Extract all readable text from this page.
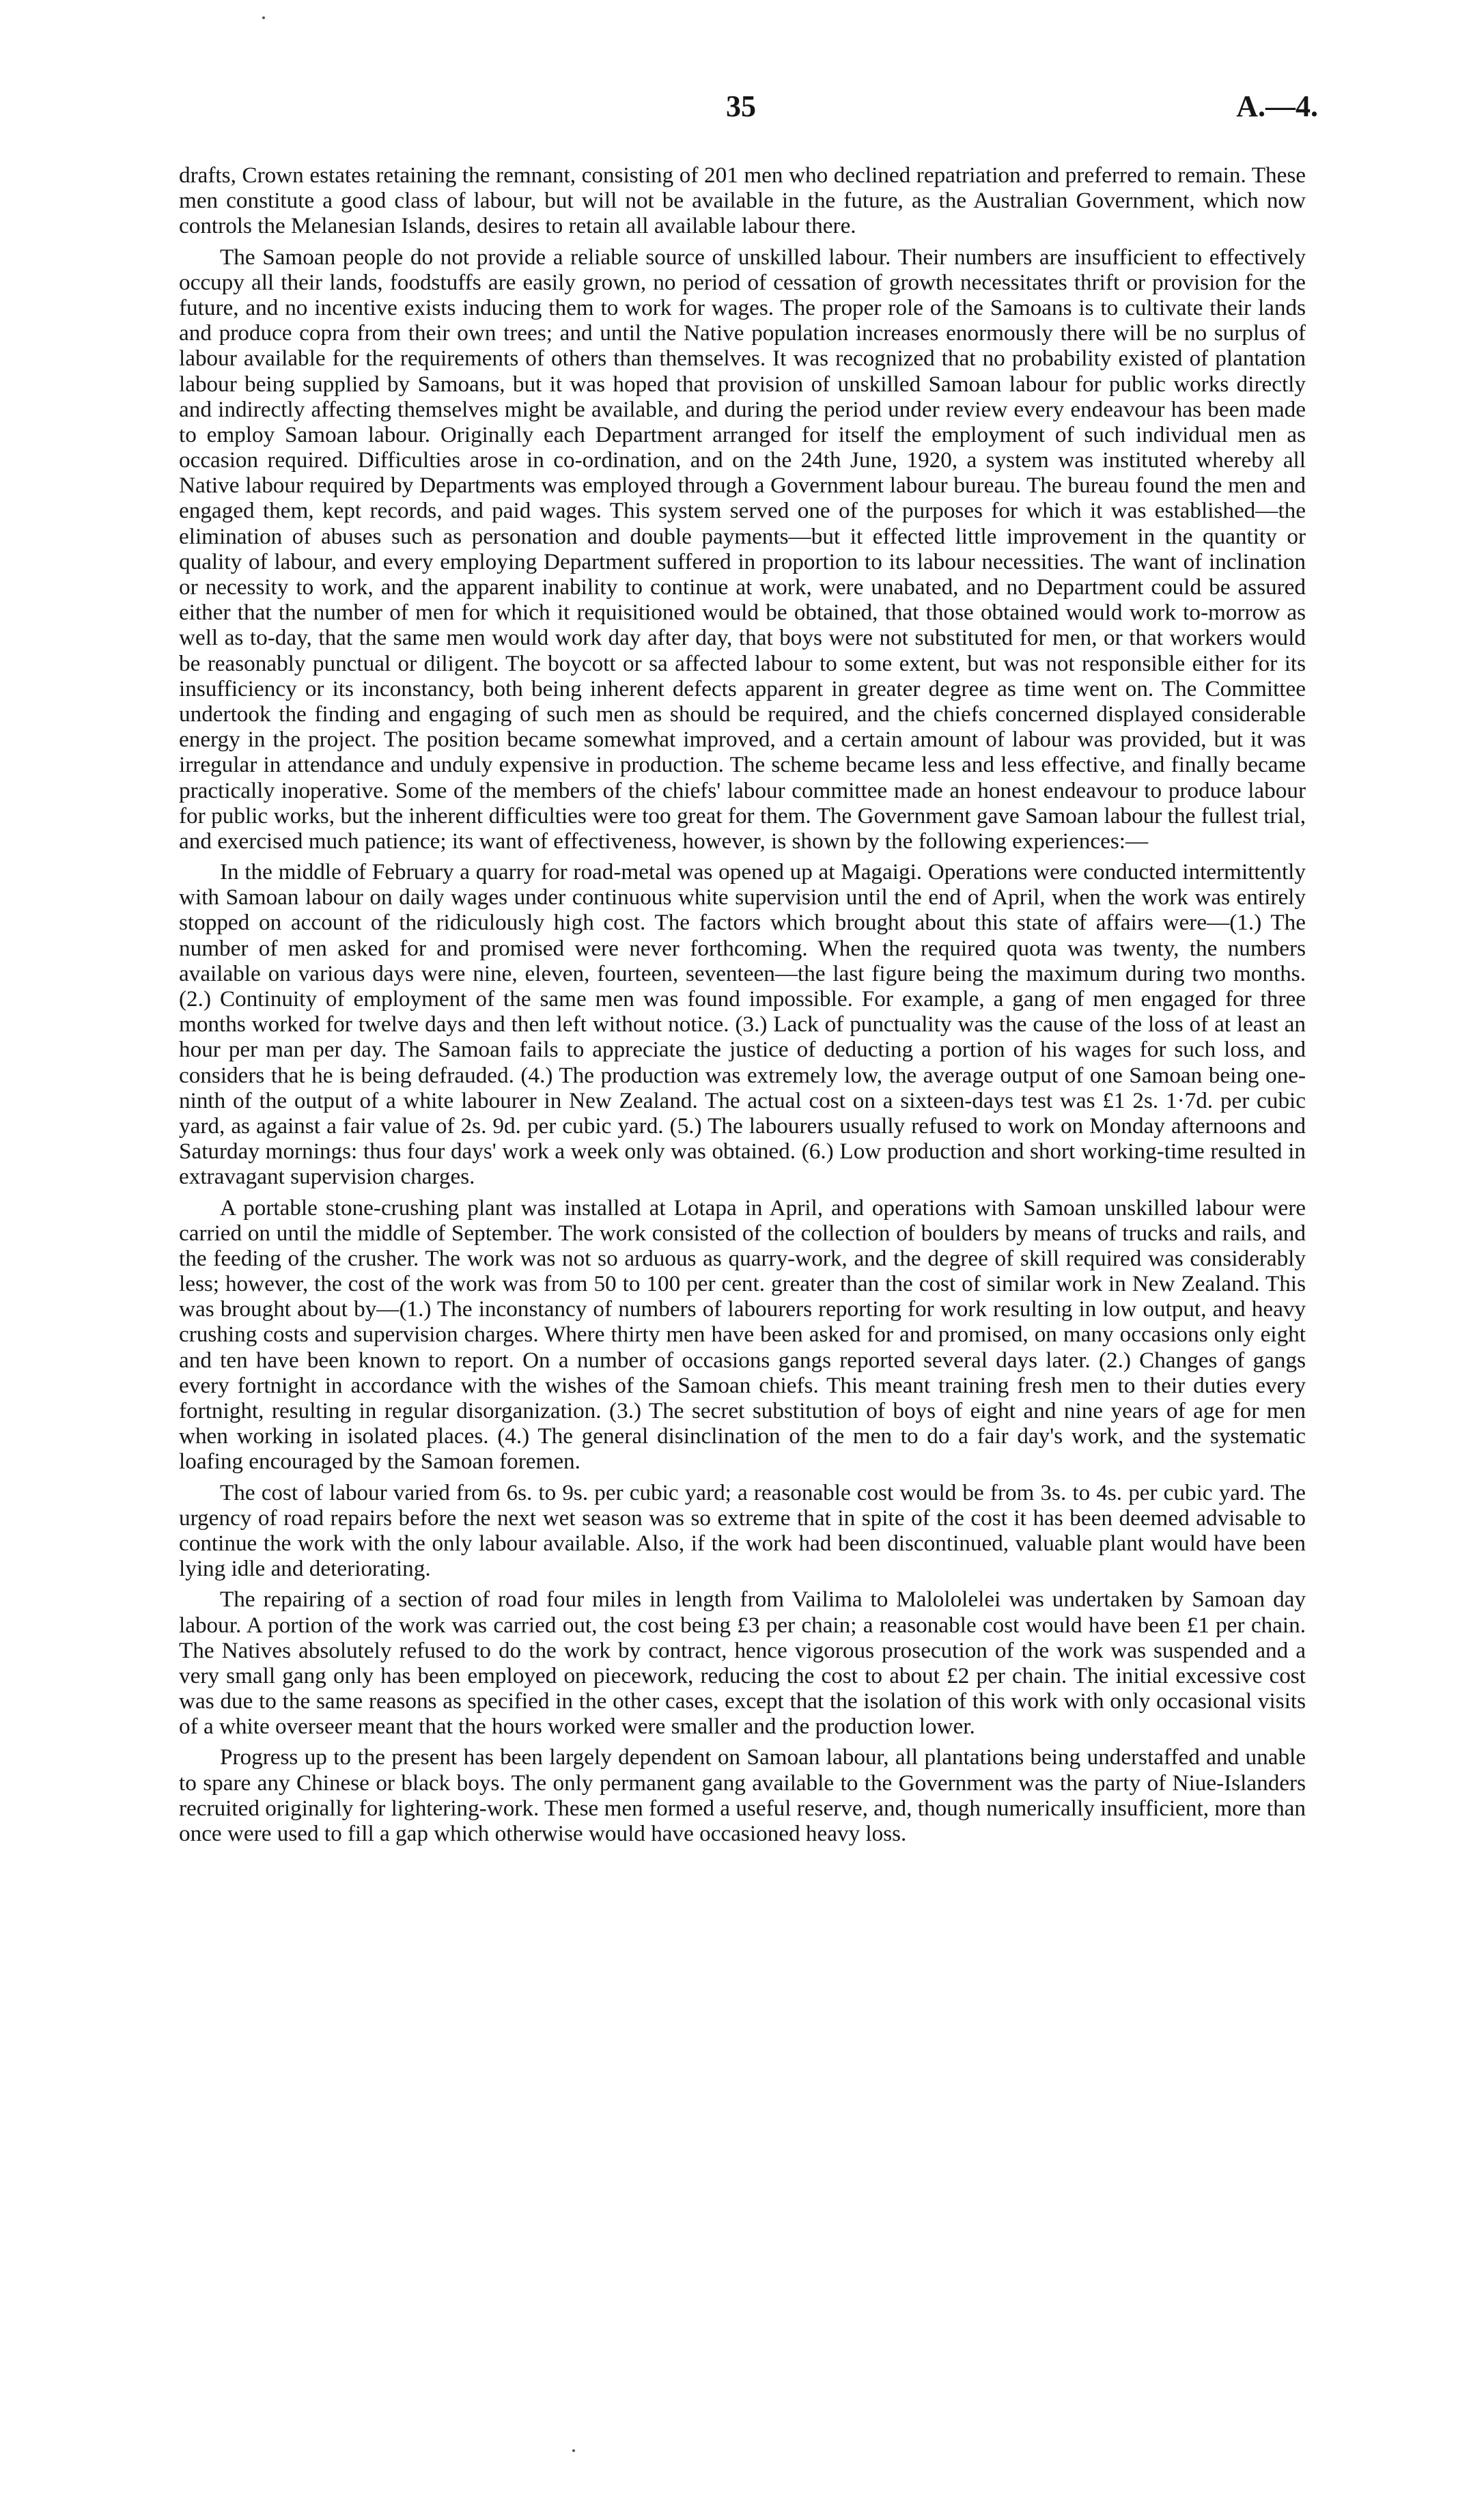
35	A.—4.

drafts, Crown estates retaining the remnant, consisting of 201 men who declined repatriation and preferred to remain. These men constitute a good class of labour, but will not be available in the future, as the Australian Government, which now controls the Melanesian Islands, desires to retain all available labour there.

The Samoan people do not provide a reliable source of unskilled labour. Their numbers are insufficient to effectively occupy all their lands, foodstuffs are easily grown, no period of cessation of growth necessitates thrift or provision for the future, and no incentive exists inducing them to work for wages. The proper role of the Samoans is to cultivate their lands and produce copra from their own trees; and until the Native population increases enormously there will be no surplus of labour available for the requirements of others than themselves. It was recognized that no probability existed of plantation labour being supplied by Samoans, but it was hoped that provision of unskilled Samoan labour for public works directly and indirectly affecting themselves might be available, and during the period under review every endeavour has been made to employ Samoan labour. Originally each Department arranged for itself the employment of such individual men as occasion required. Difficulties arose in co-ordination, and on the 24th June, 1920, a system was instituted whereby all Native labour required by Departments was employed through a Government labour bureau. The bureau found the men and engaged them, kept records, and paid wages. This system served one of the purposes for which it was established—the elimination of abuses such as personation and double payments—but it effected little improvement in the quantity or quality of labour, and every employing Department suffered in proportion to its labour necessities. The want of inclination or necessity to work, and the apparent inability to continue at work, were unabated, and no Department could be assured either that the number of men for which it requisitioned would be obtained, that those obtained would work to-morrow as well as to-day, that the same men would work day after day, that boys were not substituted for men, or that workers would be reasonably punctual or diligent. The boycott or sa affected labour to some extent, but was not responsible either for its insufficiency or its inconstancy, both being inherent defects apparent in greater degree as time went on. The Committee undertook the finding and engaging of such men as should be required, and the chiefs concerned displayed considerable energy in the project. The position became somewhat improved, and a certain amount of labour was provided, but it was irregular in attendance and unduly expensive in production. The scheme became less and less effective, and finally became practically inoperative. Some of the members of the chiefs' labour committee made an honest endeavour to produce labour for public works, but the inherent difficulties were too great for them. The Government gave Samoan labour the fullest trial, and exercised much patience; its want of effectiveness, however, is shown by the following experiences:—

In the middle of February a quarry for road-metal was opened up at Magaigi. Operations were conducted intermittently with Samoan labour on daily wages under continuous white supervision until the end of April, when the work was entirely stopped on account of the ridiculously high cost. The factors which brought about this state of affairs were—(1.) The number of men asked for and promised were never forthcoming. When the required quota was twenty, the numbers available on various days were nine, eleven, fourteen, seventeen—the last figure being the maximum during two months. (2.) Continuity of employment of the same men was found impossible. For example, a gang of men engaged for three months worked for twelve days and then left without notice. (3.) Lack of punctuality was the cause of the loss of at least an hour per man per day. The Samoan fails to appreciate the justice of deducting a portion of his wages for such loss, and considers that he is being defrauded. (4.) The production was extremely low, the average output of one Samoan being one-ninth of the output of a white labourer in New Zealand. The actual cost on a sixteen-days test was £1 2s. 1·7d. per cubic yard, as against a fair value of 2s. 9d. per cubic yard. (5.) The labourers usually refused to work on Monday afternoons and Saturday mornings: thus four days' work a week only was obtained. (6.) Low production and short working-time resulted in extravagant supervision charges.

A portable stone-crushing plant was installed at Lotapa in April, and operations with Samoan unskilled labour were carried on until the middle of September. The work consisted of the collection of boulders by means of trucks and rails, and the feeding of the crusher. The work was not so arduous as quarry-work, and the degree of skill required was considerably less; however, the cost of the work was from 50 to 100 per cent. greater than the cost of similar work in New Zealand. This was brought about by—(1.) The inconstancy of numbers of labourers reporting for work resulting in low output, and heavy crushing costs and supervision charges. Where thirty men have been asked for and promised, on many occasions only eight and ten have been known to report. On a number of occasions gangs reported several days later. (2.) Changes of gangs every fortnight in accordance with the wishes of the Samoan chiefs. This meant training fresh men to their duties every fortnight, resulting in regular disorganization. (3.) The secret substitution of boys of eight and nine years of age for men when working in isolated places. (4.) The general disinclination of the men to do a fair day's work, and the systematic loafing encouraged by the Samoan foremen.

The cost of labour varied from 6s. to 9s. per cubic yard; a reasonable cost would be from 3s. to 4s. per cubic yard. The urgency of road repairs before the next wet season was so extreme that in spite of the cost it has been deemed advisable to continue the work with the only labour available. Also, if the work had been discontinued, valuable plant would have been lying idle and deteriorating.

The repairing of a section of road four miles in length from Vailima to Malololelei was undertaken by Samoan day labour. A portion of the work was carried out, the cost being £3 per chain; a reasonable cost would have been £1 per chain. The Natives absolutely refused to do the work by contract, hence vigorous prosecution of the work was suspended and a very small gang only has been employed on piecework, reducing the cost to about £2 per chain. The initial excessive cost was due to the same reasons as specified in the other cases, except that the isolation of this work with only occasional visits of a white overseer meant that the hours worked were smaller and the production lower.

Progress up to the present has been largely dependent on Samoan labour, all plantations being understaffed and unable to spare any Chinese or black boys. The only permanent gang available to the Government was the party of Niue-Islanders recruited originally for lightering-work. These men formed a useful reserve, and, though numerically insufficient, more than once were used to fill a gap which otherwise would have occasioned heavy loss.
